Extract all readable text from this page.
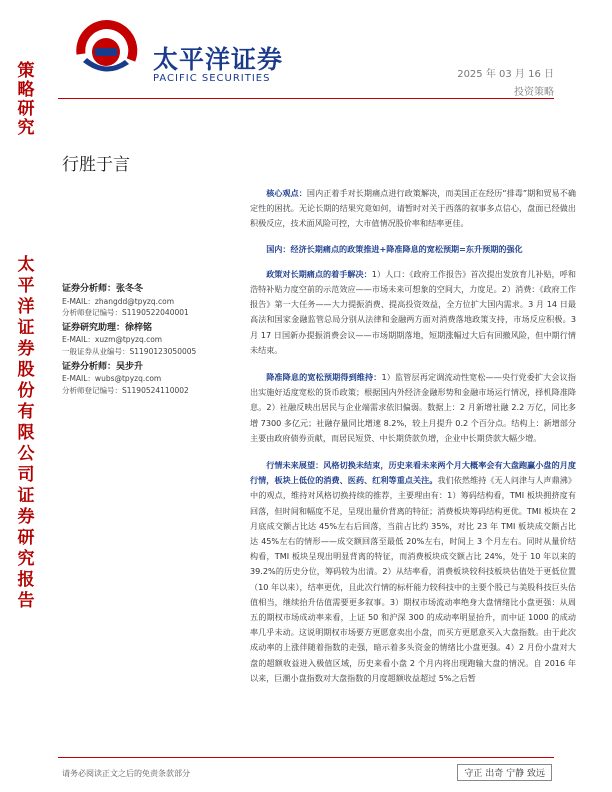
太平洋证券
PACIFIC SECURITIES	2025 年 03 月 16 日
投资策略
策略研究
太平洋证券股份有限公司证券研究报告
行胜于言
证券分析师：张冬冬
E-MAIL：zhangdd@tpyzq.com
分析师登记编号：S1190522040001
证券研究助理：徐梓铭
E-MAIL：xuzm@tpyzq.com
一般证券从业编号：S1190123050005
证券分析师：吴步升
E-MAIL：wubs@tpyzq.com
分析师登记编号：S1190524110002

核心观点：国内正着手对长期痛点进行政策解决，而美国正在经历“排毒”期和贸易不确定性的困扰。无论长期的结果究竟如何，请暂时对关于西落的叙事多点信心，盘面已经做出积极反应，技术面风险可控，大市值情况股价率和结率更佳。

国内：经济长期痛点的政策推进+降准降息的宽松预期=东升预期的强化

政策对长期痛点的着手解决：1）人口：《政府工作报告》首次提出发放育儿补贴，呼和浩特补贴力度空前的示范效应——市场未来可想象的空间大，力度足。2）消费：《政府工作报告》第一大任务——大力提振消费、提高投资效益，全方位扩大国内需求。3 月 14 日最高法和国家金融监管总局分别从法律和金融两方面对消费落地政策支持，市场反应积极。3 月 17 日国新办提振消费会议——市场期期落地，短期涨幅过大后有回撤风险，但中期行情未结束。

降准降息的宽松预期得到维持：1）监管层再定调流动性宽松——央行党委扩大会议指出实施好适度宽松的货币政策；根据国内外经济金融形势和金融市场运行情况，择机降准降息。2）社融反映出居民与企业端需求依旧偏弱。数据上：2 月新增社融 2.2 万亿，同比多增 7300 多亿元；社融存量同比增速 8.2%，较上月提升 0.2 个百分点。结构上：新增部分主要由政府债券贡献，而居民短贷、中长期贷款负增，企业中长期贷款大幅少增。

行情未来展望：风格切换未结束，历史来看未来两个月大概率会有大盘跑赢小盘的月度行情，板块上低位的消费、医药、红利等重点关注。我们依然维持《无人问津与人声鼎沸》中的观点，维持对风格切换持续的推荐，主要理由有：1）筹码结构看，TMI 板块拥挤度有回落，但时间和幅度不足，呈现出量价背离的特征；消费板块筹码结构更优。TMI 板块在 2 月底成交额占比达 45%左右后回落，当前占比约 35%，对比 23 年 TMI 板块成交额占比达 45%左右的情形——成交额回落至最低 20%左右，时间上 3 个月左右。同时从量价结构看，TMI 板块呈现出明显背离的特征，而消费板块成交额占比 24%，处于 10 年以来的 39.2%的历史分位，筹码较为出清。2）从结率看，消费板块较科技板块估值处于更低位置（10 年以来），结率更优，且此次行情的标杆能力较科技中的主要个股已与美股科技巨头估值相当，继续抬升估值需要更多叙事。3）期权市场流动率绝身大盘情绪比小盘更强：从周五的期权市场成动率来看，上证 50 和沪深 300 的成动率明显抬升，而中证 1000 的成动率几乎未动。这说明期权市场要方更愿意卖出小盘，而买方更愿意买入大盘指数。由于此次成动率的上涨伴随着指数的走强，暗示着多头资金的情绪比小盘更强。4）2 月份小盘对大盘的超额收益进入极值区域，历史来看小盘 2 个月内将出现跑输大盘的情况。自 2016 年以来，巨潮小盘指数对大盘指数的月度超额收益超过 5%之后暂

请务必阅读正文之后的免责条款部分	守正 出奇 宁静 致远
